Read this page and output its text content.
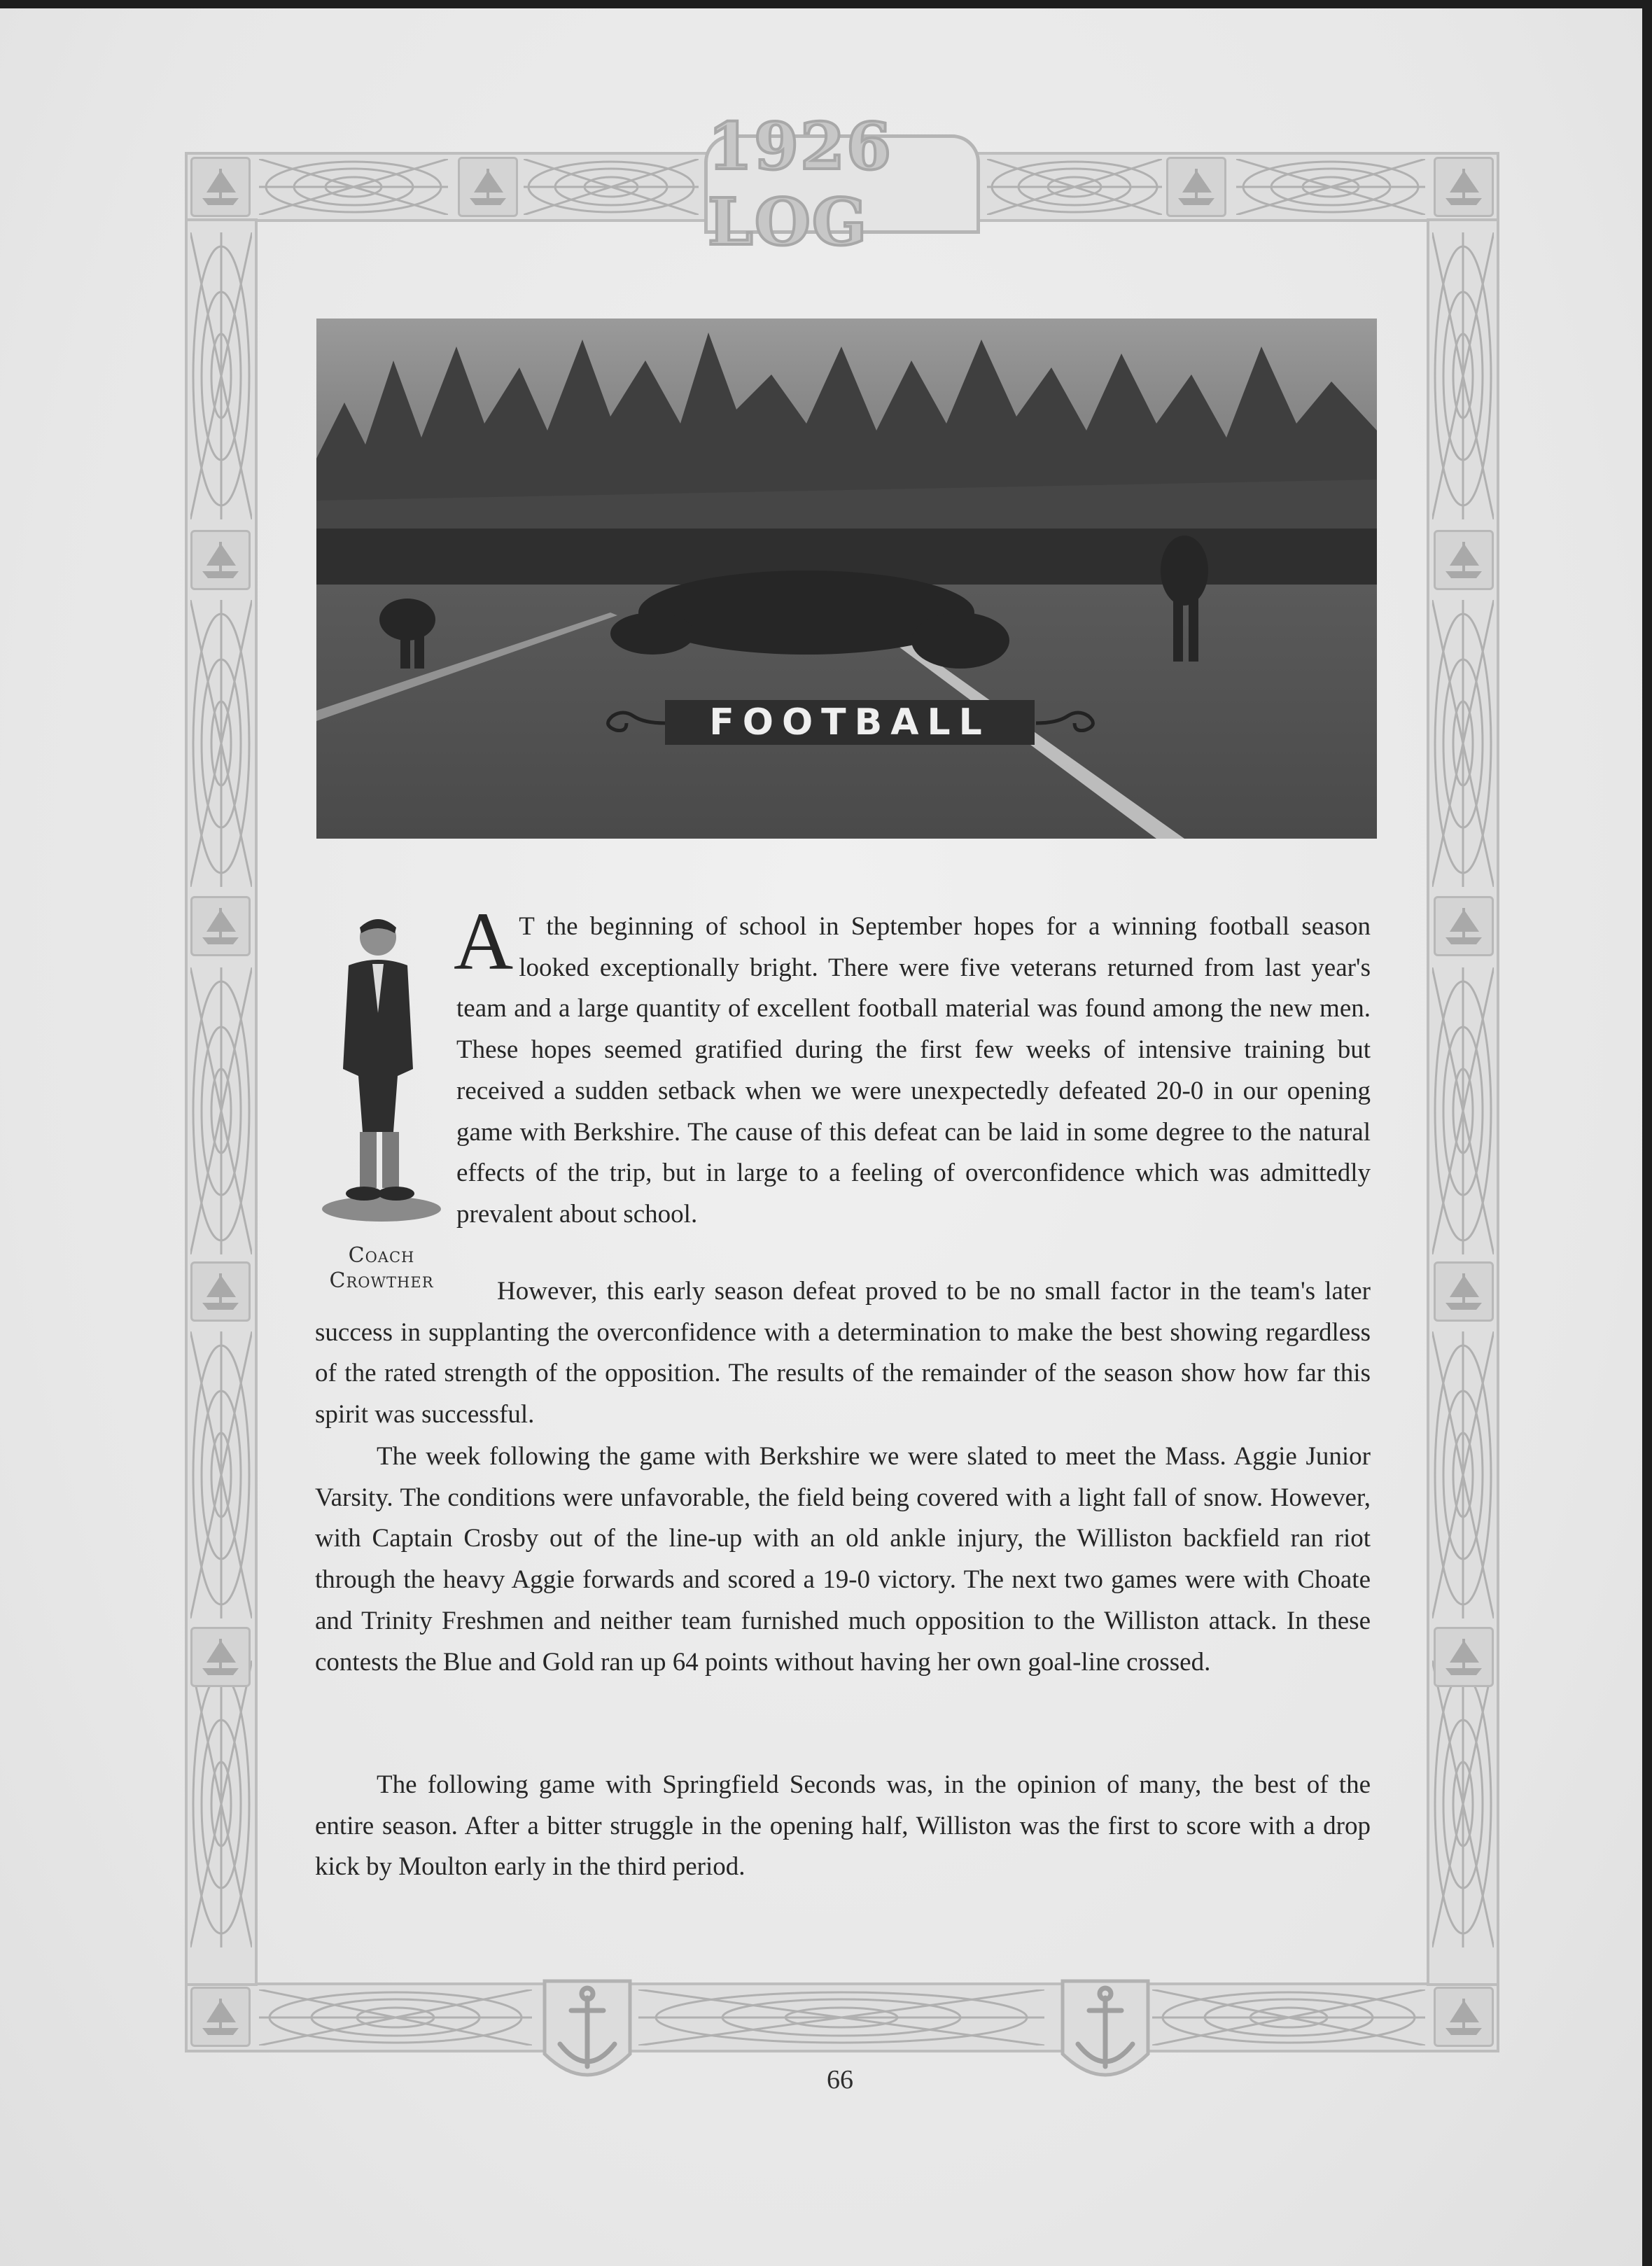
1926 LOG
FOOTBALL
Coach
Crowther

A T the beginning of school in September hopes for a winning football season looked exceptionally bright. There were five veterans returned from last year's team and a large quantity of excellent football material was found among the new men. These hopes seemed gratified during the first few weeks of intensive training but received a sudden setback when we were unexpectedly defeated 20-0 in our opening game with Berkshire. The cause of this defeat can be laid in some degree to the natural effects of the trip, but in large to a feeling of overconfidence which was admittedly prevalent about school.

However, this early season defeat proved to be no small factor in the team's later success in supplanting the overconfidence with a determination to make the best showing regardless of the rated strength of the opposition. The results of the remainder of the season show how far this spirit was successful.

The week following the game with Berkshire we were slated to meet the Mass. Aggie Junior Varsity. The conditions were unfavorable, the field being covered with a light fall of snow. However, with Captain Crosby out of the line-up with an old ankle injury, the Williston backfield ran riot through the heavy Aggie forwards and scored a 19-0 victory. The next two games were with Choate and Trinity Freshmen and neither team furnished much opposition to the Williston attack. In these contests the Blue and Gold ran up 64 points without having her own goal-line crossed.

The following game with Springfield Seconds was, in the opinion of many, the best of the entire season. After a bitter struggle in the opening half, Williston was the first to score with a drop kick by Moulton early in the third period.

66
